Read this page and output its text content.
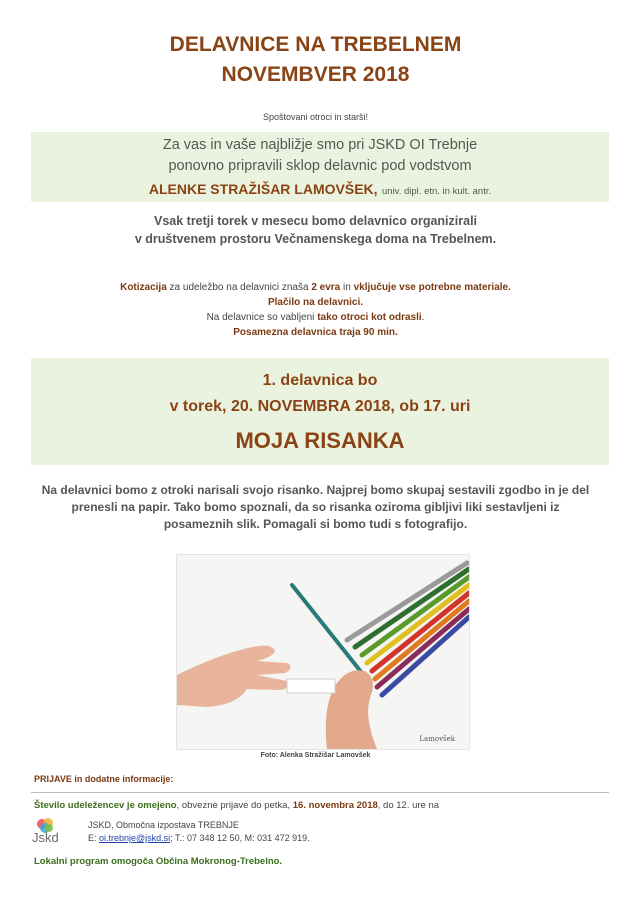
DELAVNICE NA TREBELNEM
NOVEMBVER 2018
Spoštovani otroci in starši!
Za vas in vaše najbližje smo pri JSKD OI Trebnje
ponovno pripravili sklop delavnic pod vodstvom
ALENKE STRAŽIŠAR LAMOVŠEK, univ. dipl. etn. in kult. antr.
Vsak tretji torek v mesecu bomo delavnico organizirali
v društvenem prostoru Večnamenskega doma na Trebelnem.
Kotizacija za udeležbo na delavnici znaša 2 evra in vključuje vse potrebne materiale.
Plačilo na delavnici.
Na delavnice so vabljeni tako otroci kot odrasli.
Posamezna delavnica traja 90 min.
1. delavnica bo
v torek, 20. NOVEMBRA 2018, ob 17. uri
MOJA RISANKA
Na delavnici bomo z otroki narisali svojo risanko. Najprej bomo skupaj sestavili zgodbo in je del
prenesli na papir. Tako bomo spoznali, da so risanka oziroma gibljivi liki sestavljeni iz
posameznih slik. Pomagali si bomo tudi s fotografijo.
Lamovšek
Foto: Alenka Stražišar Lamovšek
PRIJAVE in dodatne informacije:
Število udeležencev je omejeno, obvezne prijave do petka, 16. novembra 2018, do 12. ure na
Jskd
JSKD, Območna izpostava TREBNJE
E: oi.trebnje@jskd.si; T.: 07 348 12 50, M: 031 472 919.
Lokalni program omogoča Občina Mokronog-Trebelno.
